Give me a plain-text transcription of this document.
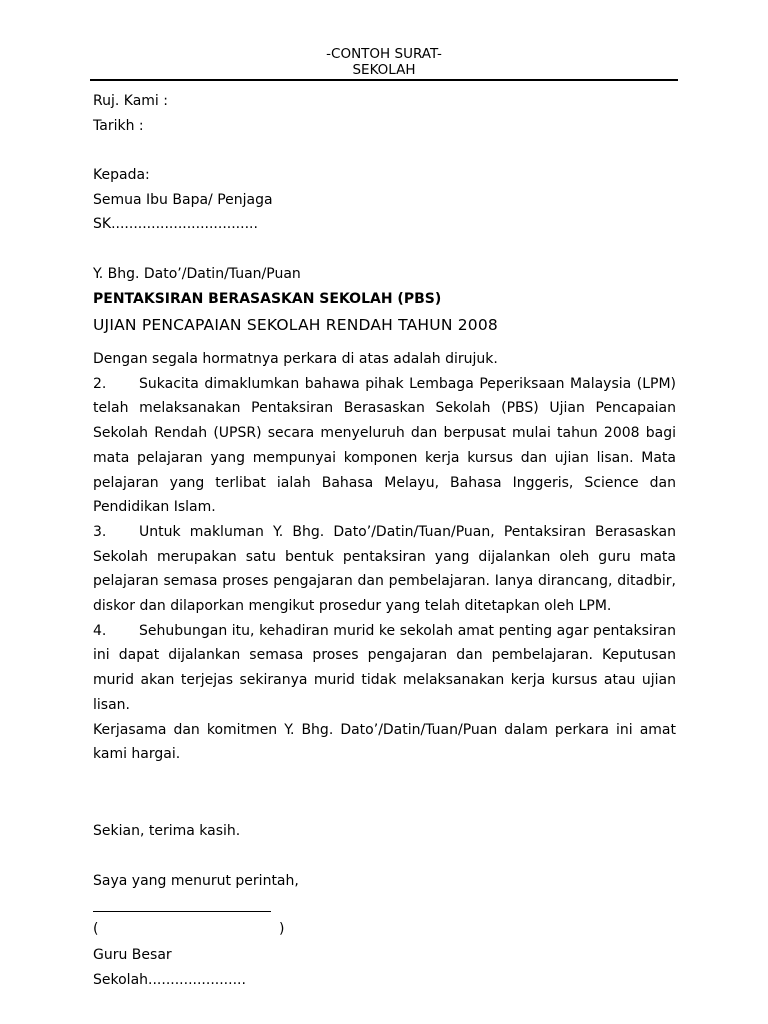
-CONTOH SURAT-
SEKOLAH
Ruj. Kami :
Tarikh :
Kepada:
Semua Ibu Bapa/ Penjaga
SK.................................
Y. Bhg. Dato’/Datin/Tuan/Puan
PENTAKSIRAN BERASASKAN SEKOLAH (PBS)
UJIAN PENCAPAIAN SEKOLAH RENDAH TAHUN 2008

Dengan segala hormatnya perkara di atas adalah dirujuk.

2. Sukacita dimaklumkan bahawa pihak Lembaga Peperiksaan Malaysia (LPM) telah melaksanakan Pentaksiran Berasaskan Sekolah (PBS) Ujian Pencapaian Sekolah Rendah (UPSR) secara menyeluruh dan berpusat mulai tahun 2008 bagi mata pelajaran yang mempunyai komponen kerja kursus dan ujian lisan. Mata pelajaran yang terlibat ialah Bahasa Melayu, Bahasa Inggeris, Science dan Pendidikan Islam.

3. Untuk makluman Y. Bhg. Dato’/Datin/Tuan/Puan, Pentaksiran Berasaskan Sekolah merupakan satu bentuk pentaksiran yang dijalankan oleh guru mata pelajaran semasa proses pengajaran dan pembelajaran. Ianya dirancang, ditadbir, diskor dan dilaporkan mengikut prosedur yang telah ditetapkan oleh LPM.

4. Sehubungan itu, kehadiran murid ke sekolah amat penting agar pentaksiran ini dapat dijalankan semasa proses pengajaran dan pembelajaran. Keputusan murid akan terjejas sekiranya murid tidak melaksanakan kerja kursus atau ujian lisan.

Kerjasama dan komitmen Y. Bhg. Dato’/Datin/Tuan/Puan dalam perkara ini amat kami hargai.

Sekian, terima kasih.
Saya yang menurut perintah,
(	)
Guru Besar
Sekolah......................
